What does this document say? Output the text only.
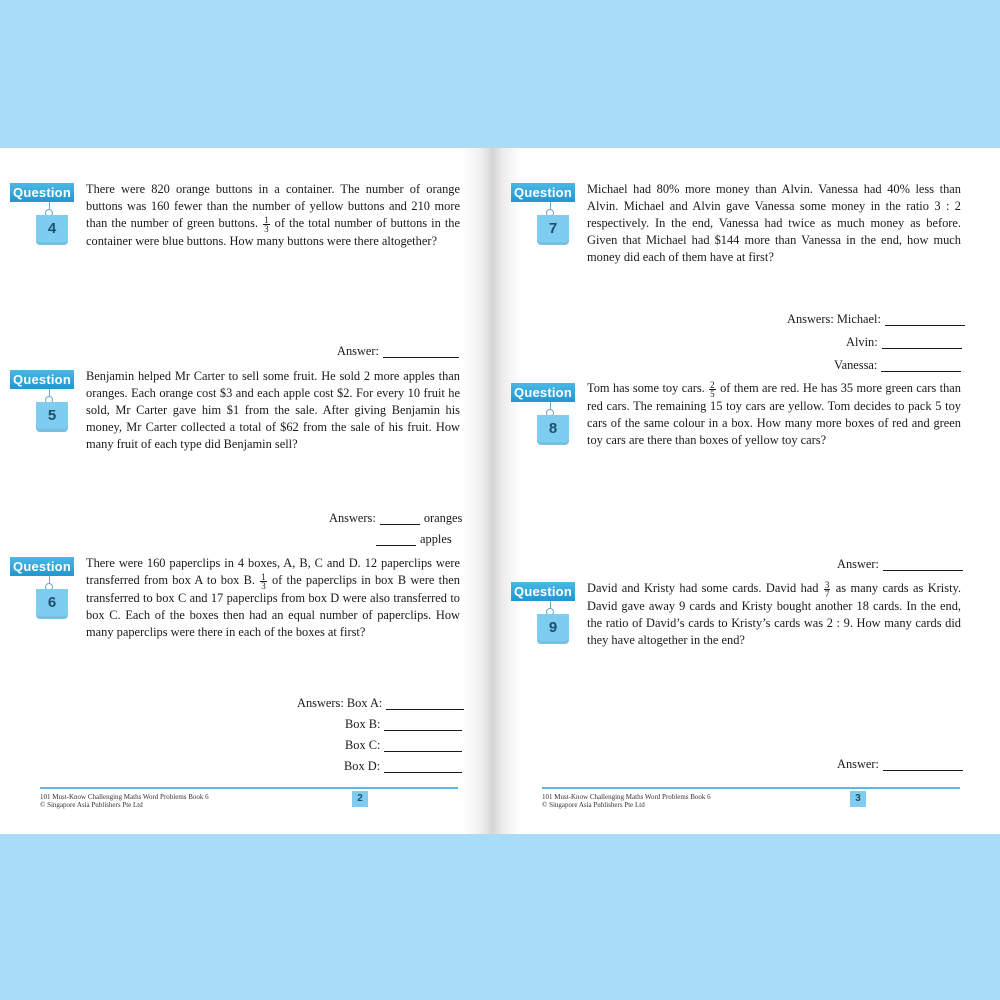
Question
4
There were 820 orange buttons in a container. The number of orange buttons was 160 fewer than the number of yellow buttons and 210 more than the number of green buttons. $\frac{1}{3}$ of the total number of buttons in the container were blue buttons. How many buttons were there altogether?
Answer:
Question
5
Benjamin helped Mr Carter to sell some fruit. He sold 2 more apples than oranges. Each orange cost $3 and each apple cost $2. For every 10 fruit he sold, Mr Carter gave him $1 from the sale. After giving Benjamin his money, Mr Carter collected a total of $62 from the sale of his fruit. How many fruit of each type did Benjamin sell?
Answers:	oranges
apples
Question
6
There were 160 paperclips in 4 boxes, A, B, C and D. 12 paperclips were transferred from box A to box B. $\frac{1}{3}$ of the paperclips in box B were then transferred to box C and 17 paperclips from box D were also transferred to box C. Each of the boxes then had an equal number of paperclips. How many paperclips were there in each of the boxes at first?
Answers: Box A:
Box B:
Box C:
Box D:
101 Must-Know Challenging Maths Word Problems Book 6
© Singapore Asia Publishers Pte Ltd
2
Question
7
Michael had 80% more money than Alvin. Vanessa had 40% less than Alvin. Michael and Alvin gave Vanessa some money in the ratio 3 : 2 respectively. In the end, Vanessa had twice as much money as before. Given that Michael had $144 more than Vanessa in the end, how much money did each of them have at first?
Answers: Michael:
Alvin:
Vanessa:
Question
8
Tom has some toy cars. $\frac{2}{5}$ of them are red. He has 35 more green cars than red cars. The remaining 15 toy cars are yellow. Tom decides to pack 5 toy cars of the same colour in a box. How many more boxes of red and green toy cars are there than boxes of yellow toy cars?
Answer:
Question
9
David and Kristy had some cards. David had $\frac{3}{7}$ as many cards as Kristy. David gave away 9 cards and Kristy bought another 18 cards. In the end, the ratio of David’s cards to Kristy’s cards was 2 : 9. How many cards did they have altogether in the end?
Answer:
101 Must-Know Challenging Maths Word Problems Book 6
© Singapore Asia Publishers Pte Ltd
3
